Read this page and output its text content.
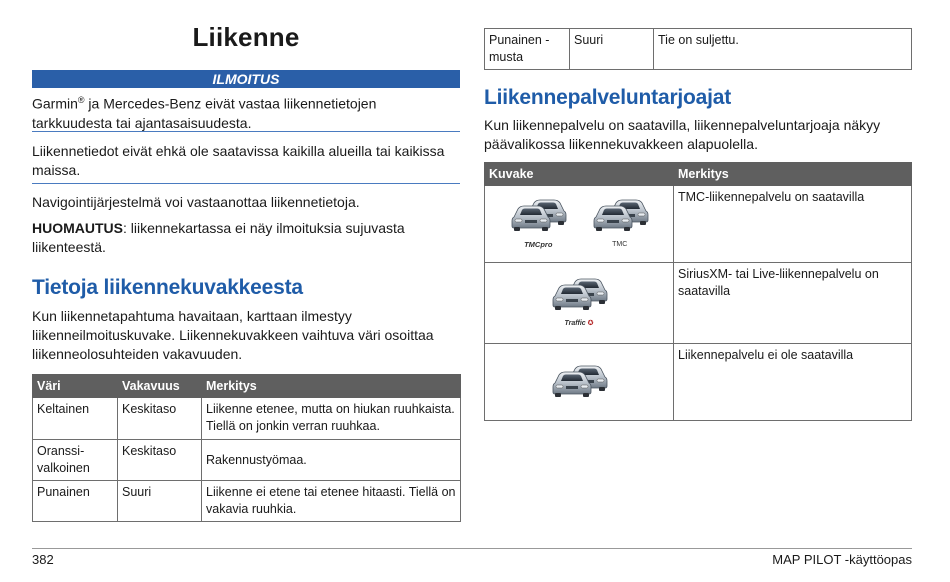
Liikenne
ILMOITUS
Garmin® ja Mercedes-Benz eivät vastaa liikennetietojen tarkkuudesta tai ajantasaisuudesta.
Liikennetiedot eivät ehkä ole saatavissa kaikilla alueilla tai kaikissa maissa.
Navigointijärjestelmä voi vastaanottaa liikennetietoja.
HUOMAUTUS: liikennekartassa ei näy ilmoituksia sujuvasta liikenteestä.
Tietoja liikennekuvakkeesta
Kun liikennetapahtuma havaitaan, karttaan ilmestyy liikenneilmoituskuvake. Liikennekuvakkeen vaihtuva väri osoittaa liikenneolosuhteiden vakavuuden.
Väri	Vakavuus	Merkitys
Keltainen	Keskitaso	Liikenne etenee, mutta on hiukan ruuhkaista. Tiellä on jonkin verran ruuhkaa.
Oranssi-valkoinen	Keskitaso	Rakennustyömaa.
Punainen	Suuri	Liikenne ei etene tai etenee hitaasti. Tiellä on vakavia ruuhkia.
Punainen - musta	Suuri	Tie on suljettu.
Liikennepalveluntarjoajat
Kun liikennepalvelu on saatavilla, liikennepalveluntarjoaja näkyy päävalikossa liikennekuvakkeen alapuolella.
Kuvake	Merkitys

TMCpro
TMC	TMC-liikennepalvelu on saatavilla

Traffic ✪	SiriusXM- tai Live-liikennepalvelu on saatavilla
	Liikennepalvelu ei ole saatavilla
382	MAP PILOT -käyttöopas
